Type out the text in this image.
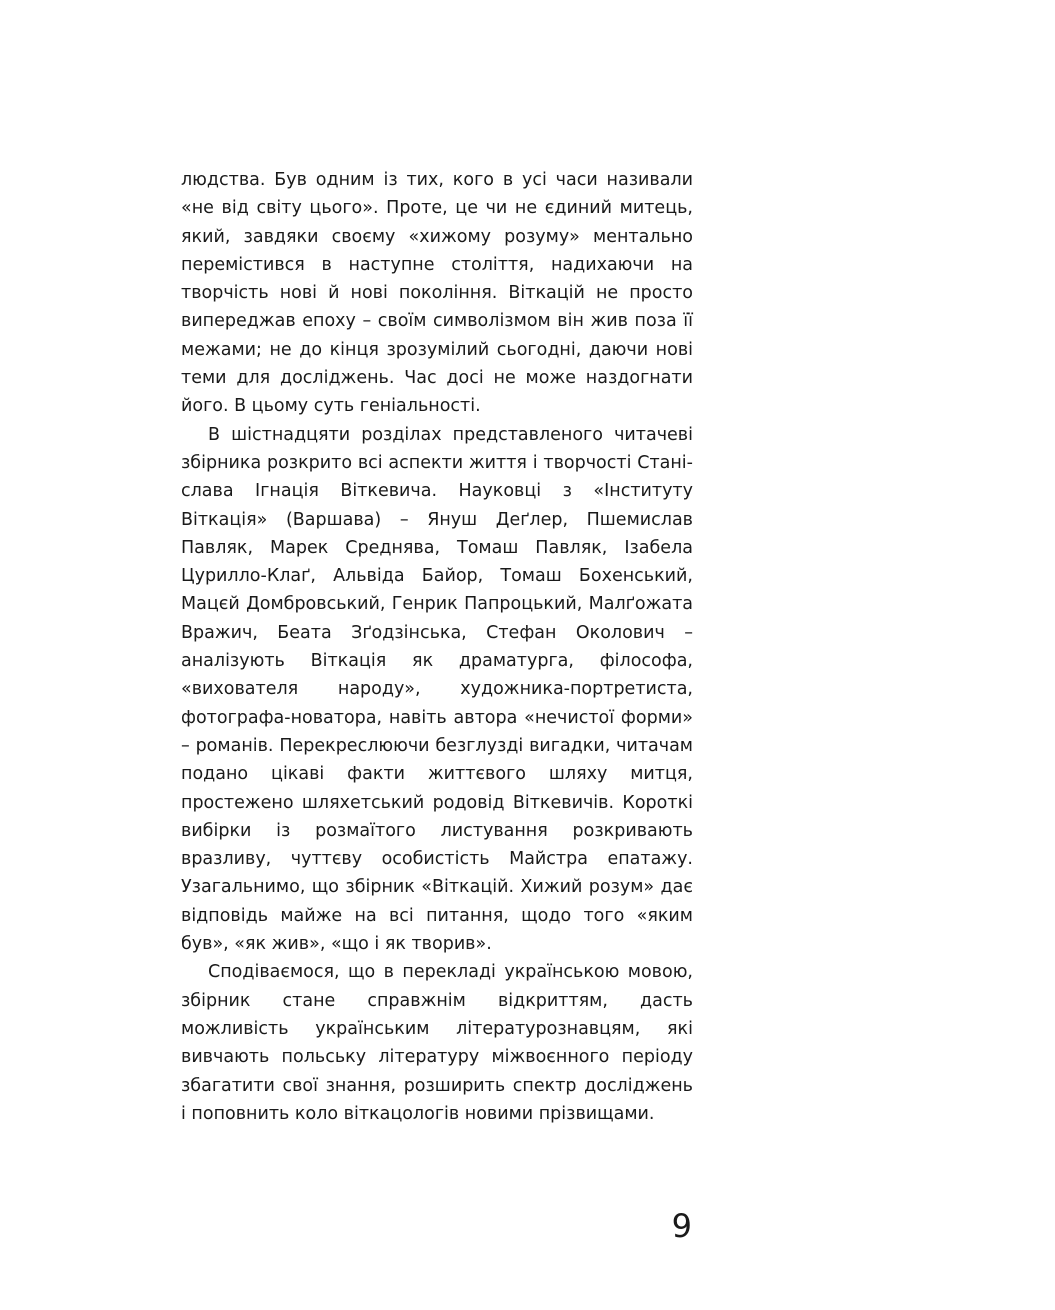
людства. Був одним із тих, кого в усі часи називали «не від світу цього». Проте, це чи не єдиний митець, який, завдяки своєму «хижому розуму» ментально перемістився в наступне століття, надихаючи на творчість нові й нові покоління. Віткацій не просто випереджав епоху – своїм символізмом він жив поза її межами; не до кінця зрозумілий сьогодні, даючи нові теми для досліджень. Час досі не може наздогнати його. В цьому суть геніальності.

В шістнадцяти розділах представленого читачеві збірника розкрито всі аспекти життя і творчості Станіслава Ігнація Віткевича. Науковці з «Інституту Віткація» (Варшава) – Януш Деґлер, Пшемислав Павляк, Марек Среднява, Томаш Павляк, Ізабела Цурилло-Клаґ, Альвіда Байор, Томаш Бохенський, Мацєй Домбровський, Генрик Папроцький, Малґожата Вражич, Беата Зґодзінська, Стефан Околович – аналізують Віткація як драматурга, філософа, «вихователя народу», художника-портретиста, фотографа-новатора, навіть автора «нечистої форми» – романів. Перекреслюючи безглузді вигадки, читачам подано цікаві факти життєвого шляху митця, простежено шляхетський родовід Віткевичів. Короткі вибірки із розмаїтого листування розкривають вразливу, чуттєву особистість Майстра епатажу. Узагальнимо, що збірник «Віткацій. Хижий розум» дає відповідь майже на всі питання, щодо того «яким був», «як жив», «що і як творив».

Сподіваємося, що в перекладі українською мовою, збірник стане справжнім відкриттям, дасть можливість українським літературознавцям, які вивчають польську літературу міжвоєнного періоду збагатити свої знання, розширить спектр досліджень і поповнить коло віткацологів новими прізвищами.

9
